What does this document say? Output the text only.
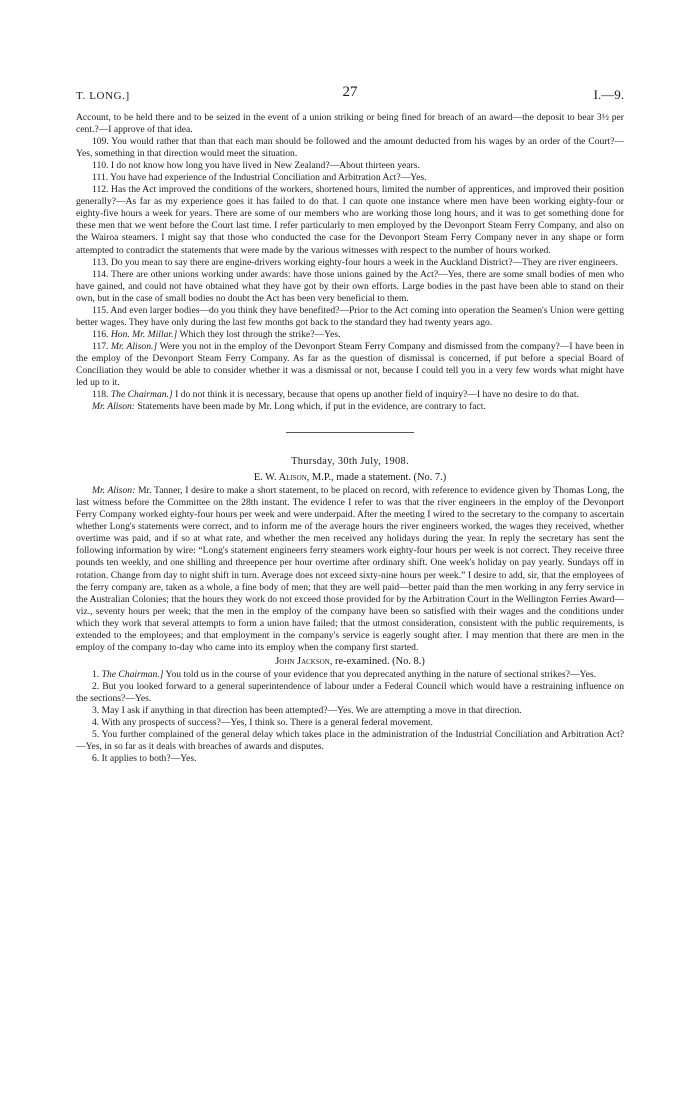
T. LONG.]	27	I.—9.

Account, to be held there and to be seized in the event of a union striking or being fined for breach of an award—the deposit to bear 3½ per cent.?—I approve of that idea.

109. You would rather that than that each man should be followed and the amount deducted from his wages by an order of the Court?—Yes, something in that direction would meet the situation.

110. I do not know how long you have lived in New Zealand?—About thirteen years.

111. You have had experience of the Industrial Conciliation and Arbitration Act?—Yes.

112. Has the Act improved the conditions of the workers, shortened hours, limited the number of apprentices, and improved their position generally?—As far as my experience goes it has failed to do that. I can quote one instance where men have been working eighty-four or eighty-five hours a week for years. There are some of our members who are working those long hours, and it was to get something done for these men that we went before the Court last time. I refer particularly to men employed by the Devonport Steam Ferry Company, and also on the Wairoa steamers. I might say that those who conducted the case for the Devonport Steam Ferry Company never in any shape or form attempted to contradict the statements that were made by the various witnesses with respect to the number of hours worked.

113. Do you mean to say there are engine-drivers working eighty-four hours a week in the Auckland District?—They are river engineers.

114. There are other unions working under awards: have those unions gained by the Act?—Yes, there are some small bodies of men who have gained, and could not have obtained what they have got by their own efforts. Large bodies in the past have been able to stand on their own, but in the case of small bodies no doubt the Act has been very beneficial to them.

115. And even larger bodies—do you think they have benefited?—Prior to the Act coming into operation the Seamen's Union were getting better wages. They have only during the last few months got back to the standard they had twenty years ago.

116. Hon. Mr. Millar.] Which they lost through the strike?—Yes.

117. Mr. Alison.] Were you not in the employ of the Devonport Steam Ferry Company and dismissed from the company?—I have been in the employ of the Devonport Steam Ferry Company. As far as the question of dismissal is concerned, if put before a special Board of Conciliation they would be able to consider whether it was a dismissal or not, because I could tell you in a very few words what might have led up to it.

118. The Chairman.] I do not think it is necessary, because that opens up another field of inquiry?—I have no desire to do that.

Mr. Alison: Statements have been made by Mr. Long which, if put in the evidence, are contrary to fact.

Thursday, 30th July, 1908.
E. W. Alison, M.P., made a statement. (No. 7.)

Mr. Alison: Mr. Tanner, I desire to make a short statement, to be placed on record, with reference to evidence given by Thomas Long, the last witness before the Committee on the 28th instant. The evidence I refer to was that the river engineers in the employ of the Devonport Ferry Company worked eighty-four hours per week and were underpaid. After the meeting I wired to the secretary to the company to ascertain whether Long's statements were correct, and to inform me of the average hours the river engineers worked, the wages they received, whether overtime was paid, and if so at what rate, and whether the men received any holidays during the year. In reply the secretary has sent the following information by wire: “Long's statement engineers ferry steamers work eighty-four hours per week is not correct. They receive three pounds ten weekly, and one shilling and threepence per hour overtime after ordinary shift. One week's holiday on pay yearly. Sundays off in rotation. Change from day to night shift in turn. Average does not exceed sixty-nine hours per week.” I desire to add, sir, that the employees of the ferry company are, taken as a whole, a fine body of men; that they are well paid—better paid than the men working in any ferry service in the Australian Colonies; that the hours they work do not exceed those provided for by the Arbitration Court in the Wellington Ferries Award—viz., seventy hours per week; that the men in the employ of the company have been so satisfied with their wages and the conditions under which they work that several attempts to form a union have failed; that the utmost consideration, consistent with the public requirements, is extended to the employees; and that employment in the company's service is eagerly sought after. I may mention that there are men in the employ of the company to-day who came into its employ when the company first started.

John Jackson, re-examined. (No. 8.)

1. The Chairman.] You told us in the course of your evidence that you deprecated anything in the nature of sectional strikes?—Yes.

2. But you looked forward to a general superintendence of labour under a Federal Council which would have a restraining influence on the sections?—Yes.

3. May I ask if anything in that direction has been attempted?—Yes. We are attempting a move in that direction.

4. With any prospects of success?—Yes, I think so. There is a general federal movement.

5. You further complained of the general delay which takes place in the administration of the Industrial Conciliation and Arbitration Act?—Yes, in so far as it deals with breaches of awards and disputes.

6. It applies to both?—Yes.
